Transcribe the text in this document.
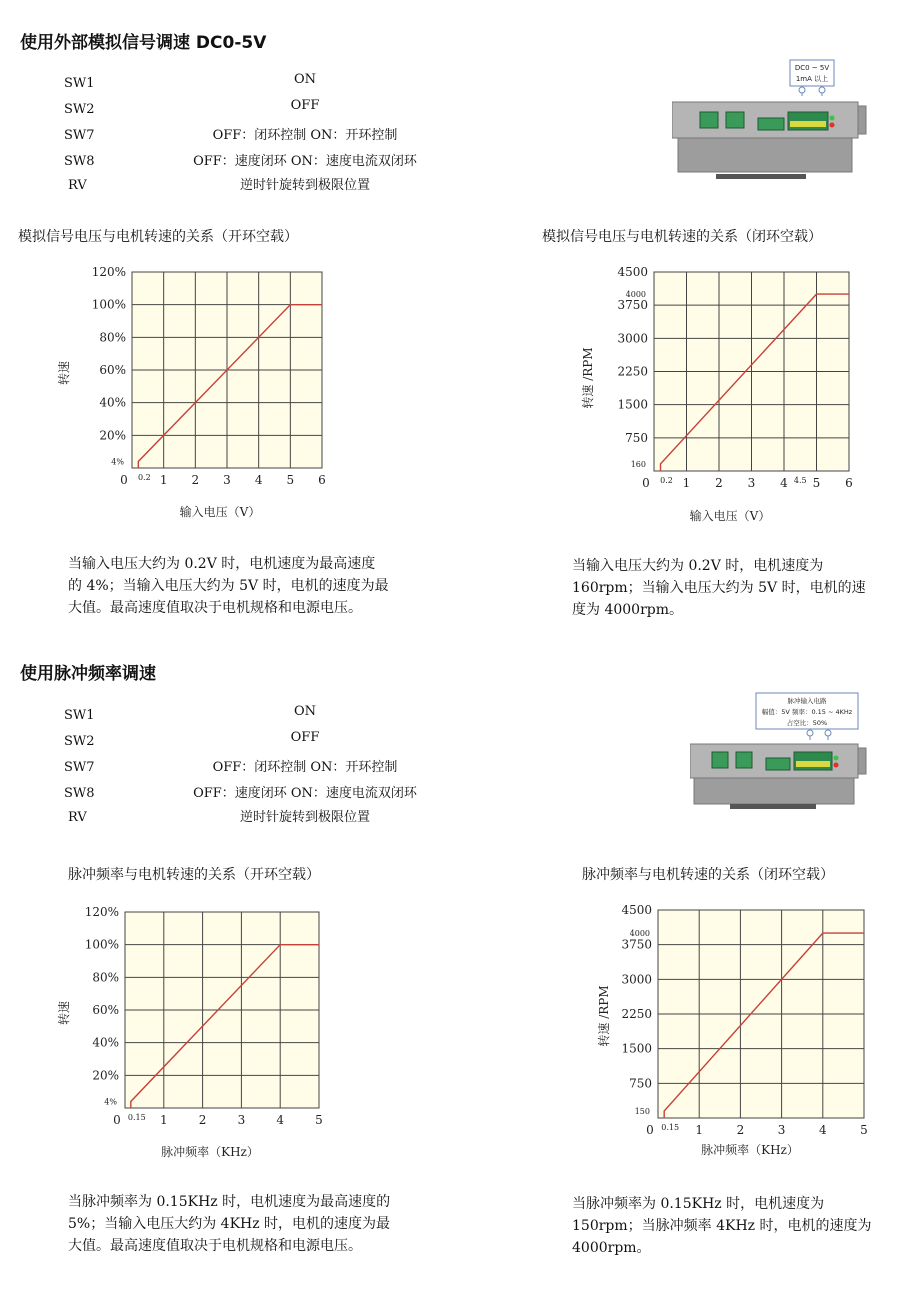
使用外部模拟信号调速 DC0-5V
SW1	ON
SW2	OFF
SW7	OFF：闭环控制 ON：开环控制
SW8	OFF：速度闭环 ON：速度电流双闭环
RV	逆时针旋转到极限位置
DC0 ~ 5V
1mA 以上
模拟信号电压与电机转速的关系（开环空载）	模拟信号电压与电机转速的关系（闭环空载）
0	1 2 3 4 5 6
20%
40%
60%
80%
100%
120%
0.2
4%
输入电压（V）
转速
0	1 2 3 4 5 6
750
1500
2250
3000
3750
4500
0.2	4.5
160
4000
输入电压（V）
转速 /RPM
当输入电压大约为 0.2V 时，电机速度为最高速度
的 4%；当输入电压大约为 5V 时，电机的速度为最
大值。最高速度值取决于电机规格和电源电压。
当输入电压大约为 0.2V 时，电机速度为
160rpm；当输入电压大约为 5V 时，电机的速
度为 4000rpm。
使用脉冲频率调速
SW1	ON
SW2	OFF
SW7	OFF：闭环控制 ON：开环控制
SW8	OFF：速度闭环 ON：速度电流双闭环
RV	逆时针旋转到极限位置
脉冲输入电路
幅值：5V 频率：0.15 ~ 4KHz
占空比：50%
脉冲频率与电机转速的关系（开环空载）	脉冲频率与电机转速的关系（闭环空载）
0	1	2	3	4	5
20%
40%
60%
80%
100%
120%
0.15
4%
脉冲频率（KHz）
转速
0	1	2	3	4	5
750
1500
2250
3000
3750
4500
0.15
150
4000
脉冲频率（KHz）
转速 /RPM
当脉冲频率为 0.15KHz 时，电机速度为最高速度的
5%；当输入电压大约为 4KHz 时，电机的速度为最
大值。最高速度值取决于电机规格和电源电压。
当脉冲频率为 0.15KHz 时，电机速度为
150rpm；当脉冲频率 4KHz 时，电机的速度为
4000rpm。
